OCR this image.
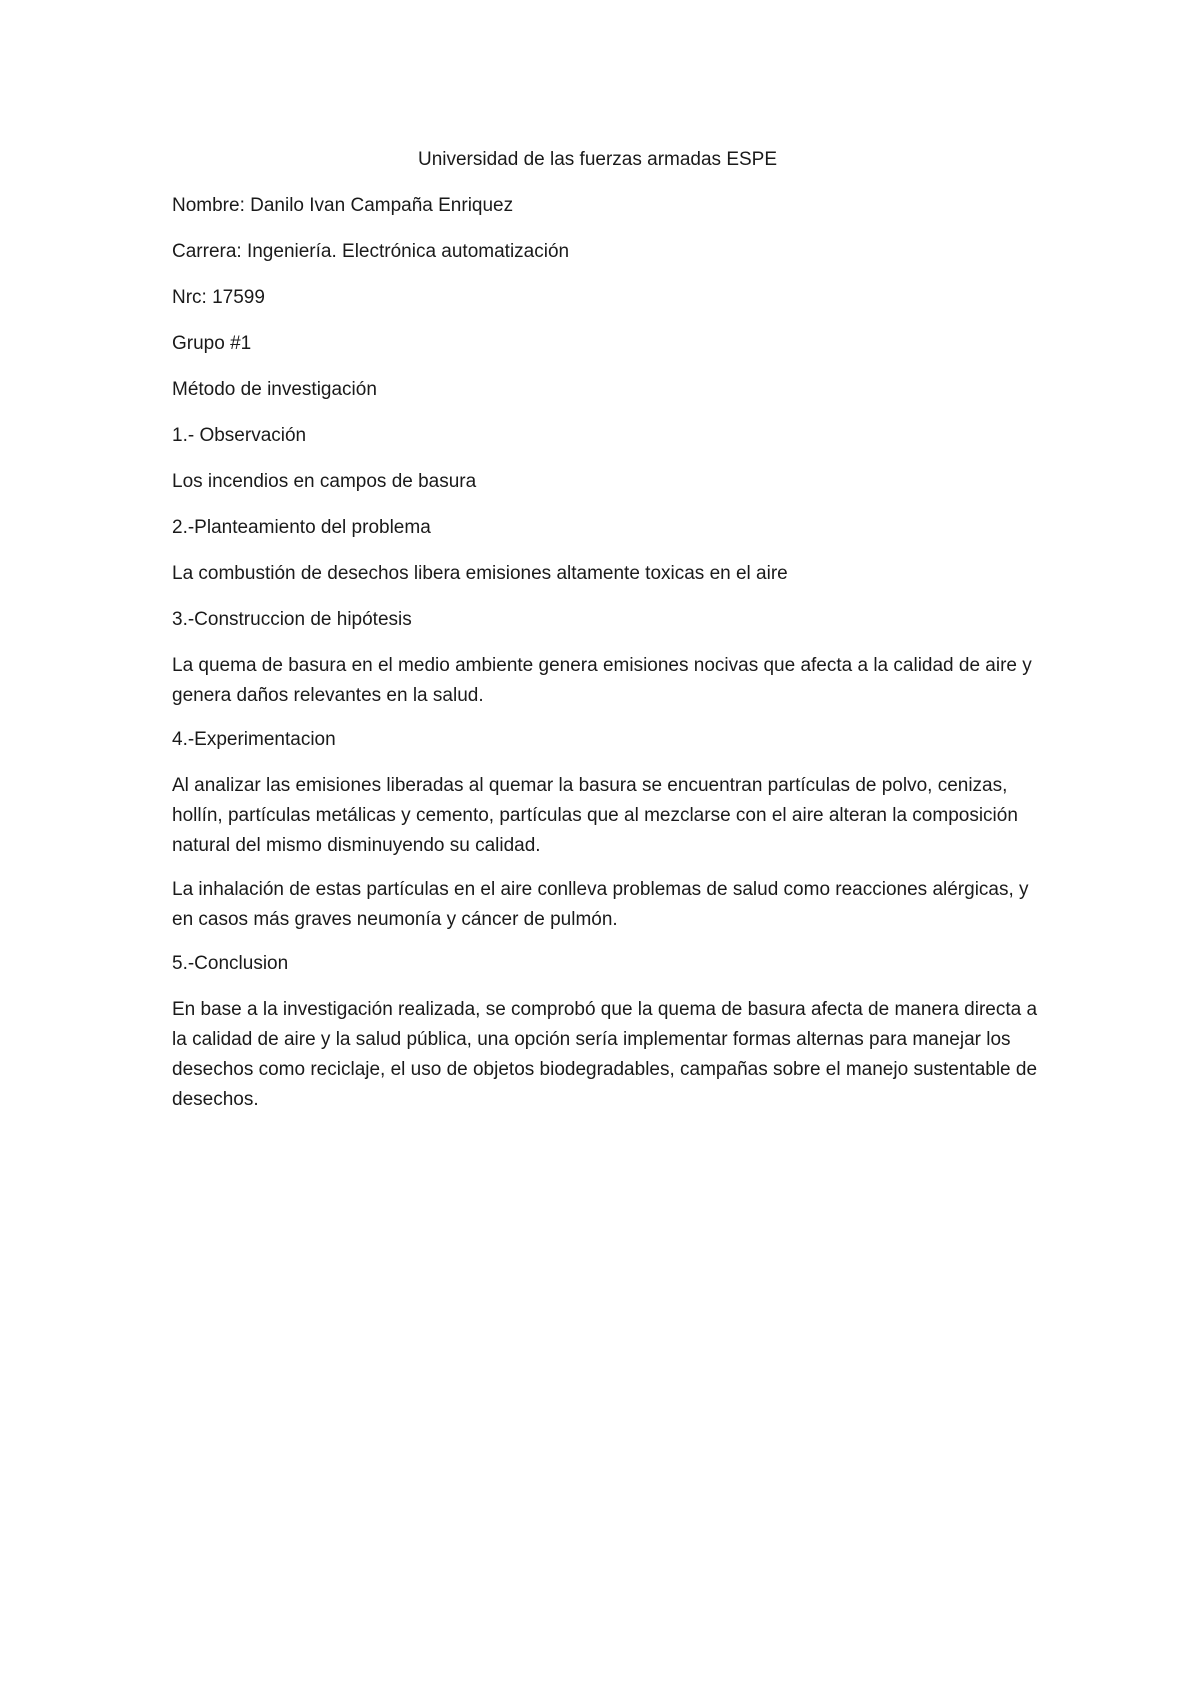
Universidad de las fuerzas armadas ESPE

Nombre: Danilo Ivan Campaña Enriquez

Carrera: Ingeniería. Electrónica automatización

Nrc: 17599

Grupo #1

Método de investigación

1.- Observación

Los incendios en campos de basura

2.-Planteamiento del problema

La combustión de desechos libera emisiones altamente toxicas en el aire

3.-Construccion de hipótesis

La quema de basura en el medio ambiente genera emisiones nocivas que afecta a la calidad de aire y genera daños relevantes en la salud.

4.-Experimentacion

Al analizar las emisiones liberadas al quemar la basura se encuentran partículas de polvo, cenizas, hollín, partículas metálicas y cemento, partículas que al mezclarse con el aire alteran la composición natural del mismo disminuyendo su calidad.

La inhalación de estas partículas en el aire conlleva problemas de salud como reacciones alérgicas, y en casos más graves neumonía y cáncer de pulmón.

5.-Conclusion

En base a la investigación realizada, se comprobó que la quema de basura afecta de manera directa a la calidad de aire y la salud pública, una opción sería implementar formas alternas para manejar los desechos como reciclaje, el uso de objetos biodegradables, campañas sobre el manejo sustentable de desechos.
